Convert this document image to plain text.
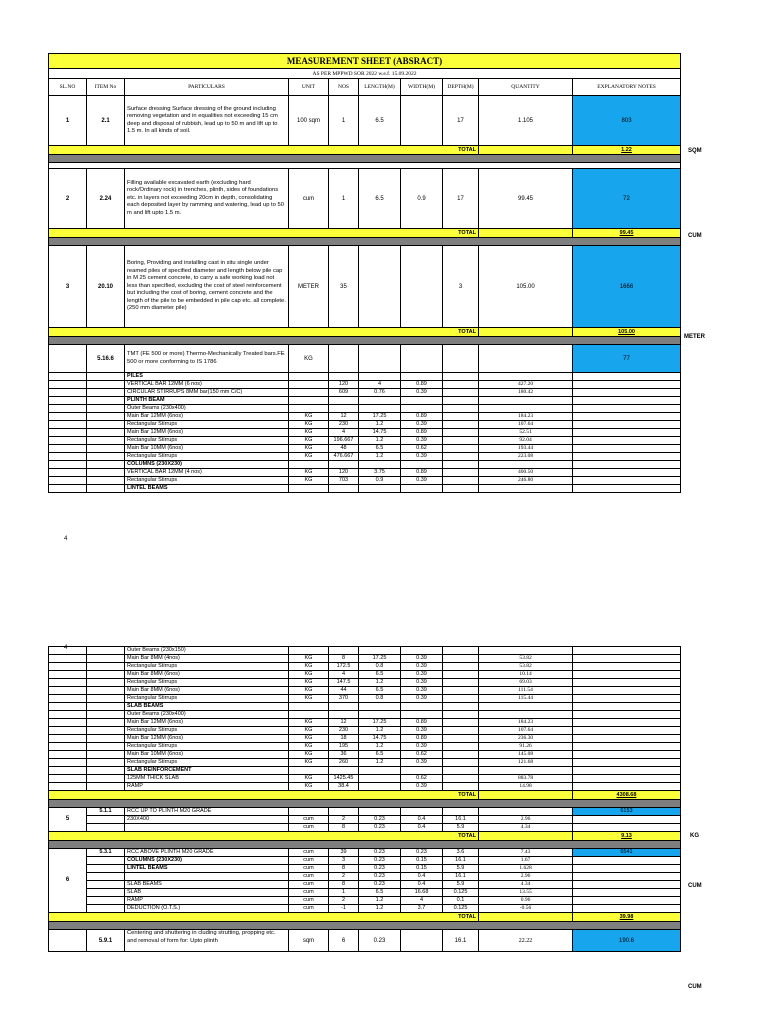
MEASUREMENT SHEET (ABSRACT)									
AS PER MPPWD SOR 2022 w.e.f. 15.09.2022									
SL.NO	ITEM No	PARTICULARS	UNIT	NOS	LENGTH(M)	WIDTH(M)	DEPTH(M)	QUANTITY	EXPLANATORY NOTES
1	2.1	Surface dressing Surface dressing of the ground including removing vegetation and in equalities not exceeding 15 cm deep and disposal of rubbish, lead up to 50 m and lift up to 1.5 m. In all kinds of soil.	100 sqm	1	6.5		17	1.105	803
TOTAL									1.22

2	2.24	Filling available excavated earth (excluding hard rock/Ordinary rock) in trenches, plinth, sides of foundations etc. in layers not exceeding 20cm in depth, consolidating each deposited layer by ramming and watering, lead up to 50 m and lift upto 1.5 m.	cum	1	6.5	0.9	17	99.45	72
TOTAL									99.45

3	20.10	Boring, Providing and installing cast in situ single under reamed piles of specified diameter and length below pile cap in M 25 cement concrete, to carry a safe working load not less than specified, excluding the cost of steel reinforcement but including the cost of boring, cement concrete and the length of the pile to be embedded in pile cap etc. all complete. (250 mm diameter pile)	METER	35			3	105.00	1666
TOTAL									105.00

	5.16.6	TMT (FE 500 or more) Thermo-Mechanically Treated bars.FE 500 or more conforming to IS 1786	KG						77
		PILES							
		VERTICAL BAR 12MM (6 nos)		120	4	0.89		427.20	
		CIRCULAR STIRRUPS 8MM bar(150 mm C/C)		609	0.76	0.39		180.42	
		PLINTH BEAM							
		Outer Beams (230x400)							
		Main Bar 12MM (6nos)	KG	12	17.25	0.89		184.23	
		Rectangular Stirrups	KG	230	1.2	0.39		107.64	
		Main Bar 12MM (6nos)	KG	4	14.75	0.89		52.51	
		Rectangular Stirrups	KG	196.667	1.2	0.39		92.04	
		Main Bar 10MM (6nos)	KG	48	6.5	0.62		193.44	
		Rectangular Stirrups	KG	476.667	1.2	0.39		223.08	
		COLUMNS (230X230)							
		VERTICAL BAR 12MM (4 nos)	KG	120	3.75	0.89		400.50	
		Rectangular Stirrups	KG	703	0.9	0.39		246.80	
		LINTEL BEAMS							
SQM
CUM
METER
		Outer Beams (230x150)							
		Main Bar 8MM (4nos)	KG	8	17.25	0.39		53.82	
		Rectangular Stirrups	KG	172.5	0.8	0.39		53.82	
		Main Bar 8MM (6nos)	KG	4	6.5	0.39		10.14	
		Rectangular Stirrups	KG	147.5	1.2	0.39		69.03	
		Main Bar 8MM (6nos)	KG	44	6.5	0.39		111.54	
		Rectangular Stirrups	KG	370	0.8	0.39		115.44	
		SLAB BEAMS							
		Outer Beams (230x400)							
		Main Bar 12MM (6nos)	KG	12	17.25	0.89		184.23	
		Rectangular Stirrups	KG	230	1.2	0.39		107.64	
		Main Bar 12MM (6nos)	KG	18	14.75	0.89		236.30	
		Rectangular Stirrups	KG	195	1.2	0.39		91.26	
		Main Bar 10MM (6nos)	KG	36	6.5	0.62		145.08	
		Rectangular Stirrups	KG	260	1.2	0.39		121.68	
		SLAB REINFORCEMENT							
		125MM THICK SLAB	KG	1425.45		0.62		883.78	
		RAMP	KG	38.4		0.39		14.98	
TOTAL									4308.68

5	5.1.1	RCC UP TO PLINTH M20 GRADE							6153
		230X400	cum	2	0.23	0.4	16.1	2.96	
			cum	8	0.23	0.4	5.9	4.34	
TOTAL									9.13

6	5.3.1	RCC ABOVE PLINTH M20 GRADE	cum	39	0.23	0.23	3.6	7.43	6541
		COLUMNS (230X230)	cum	3	0.23	0.15	16.1	1.67	
		LINTEL BEAMS	cum	8	0.23	0.15	5.9	1.628	
			cum	2	0.23	0.4	16.1	2.96	
		SLAB BEAMS	cum	8	0.23	0.4	5.9	4.34	
		SLAB	cum	1	6.5	16.68	0.125	13.55	
		RAMP	cum	2	1.2	4	0.1	0.96	
		DEDUCTION (O.T.S.)	cum	-1	1.2	3.7	0.125	-0.56	
TOTAL									39.98

	5.9.1	Centering and shuttering in cluding strutting, propping etc. and removal of form for: Upto plinth	sqm	6	0.23		16.1	22.22	190.6
4
4
KG
CUM
CUM
